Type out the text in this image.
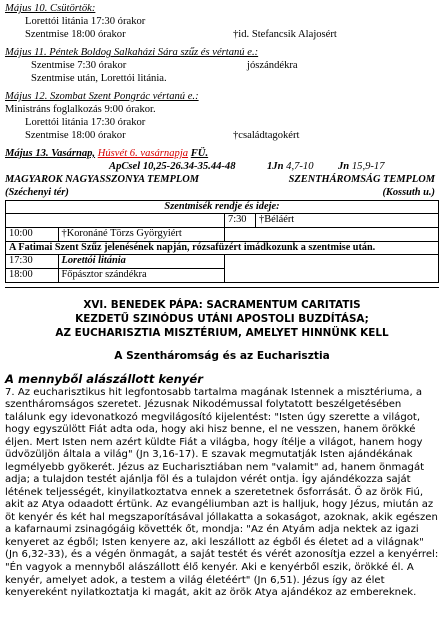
Május 10. Csütörtök:
Lorettói litánia 17:30 órakor
Szentmise 18:00 órakor	†id. Stefancsik Alajosért
Május 11. Péntek Boldog Salkaházi Sára szűz és vértanú e.:
Szentmise 7:30 órakor	jószándékra
Szentmise után, Lorettói litánia.
Május 12. Szombat Szent Pongrác vértanú e.:
Ministráns foglalkozás 9:00 órakor.
Lorettói litánia 17:30 órakor
Szentmise 18:00 órakor	†családtagokért
Május 13. Vasárnap, Húsvét 6. vasárnapja FÜ.
ApCsel 10,25-26.34-35.44-48	1Jn 4,7-10 Jn 15,9-17
MAGYAROK NAGYASSZONYA TEMPLOM	SZENTHÁROMSÁG TEMPLOM
(Széchenyi tér)	(Kossuth u.)
Szentmisék rendje és ideje:			
		7:30	†Béláért
10:00	†Koronáné Törzs Györgyiért		
A Fatimai Szent Szűz jelenésének napján, rózsafüzért imádkozunk a szentmise után.			
17:30	Lorettói litánia		
18:00	Főpásztor szándékra		
XVI. BENEDEK PÁPA: SACRAMENTUM CARITATIS
KEZDETŰ SZINÓDUS UTÁNI APOSTOLI BUZDÍTÁSA;
AZ EUCHARISZTIA MISZTÉRIUM, AMELYET HINNÜNK KELL
A Szentháromság és az Eucharisztia
A mennyből alászállott kenyér

7. Az eucharisztikus hit legfontosabb tartalma magának Istennek a misztériuma, a szentháromságos szeretet. Jézusnak Nikodémussal folytatott beszélgetésében találunk egy idevonatkozó megvilágosító kijelentést: "Isten úgy szerette a világot, hogy egyszülött Fiát adta oda, hogy aki hisz benne, el ne vesszen, hanem örökké éljen. Mert Isten nem azért küldte Fiát a világba, hogy ítélje a világot, hanem hogy üdvözüljön általa a világ" (Jn 3,16-17). E szavak megmutatják Isten ajándékának legmélyebb gyökerét. Jézus az Eucharisztiában nem "valamit" ad, hanem önmagát adja; a tulajdon testét ajánlja föl és a tulajdon vérét ontja. Így ajándékozza saját létének teljességét, kinyilatkoztatva ennek a szeretetnek ősforrását. Ő az örök Fiú, akit az Atya odaadott értünk. Az evangéliumban azt is halljuk, hogy Jézus, miután az öt kenyér és két hal megszaporításával jóllakatta a sokaságot, azoknak, akik egészen a kafarnaumi zsinagógáig követték őt, mondja: "Az én Atyám adja nektek az igazi kenyeret az égből; Isten kenyere az, aki leszállott az égből és életet ad a világnak" (Jn 6,32-33), és a végén önmagát, a saját testét és vérét azonosítja ezzel a kenyérrel: "Én vagyok a mennyből alászállott élő kenyér. Aki e kenyérből eszik, örökké él. A kenyér, amelyet adok, a testem a világ életéért" (Jn 6,51). Jézus így az élet kenyereként nyilatkoztatja ki magát, akit az örök Atya ajándékoz az embereknek.
